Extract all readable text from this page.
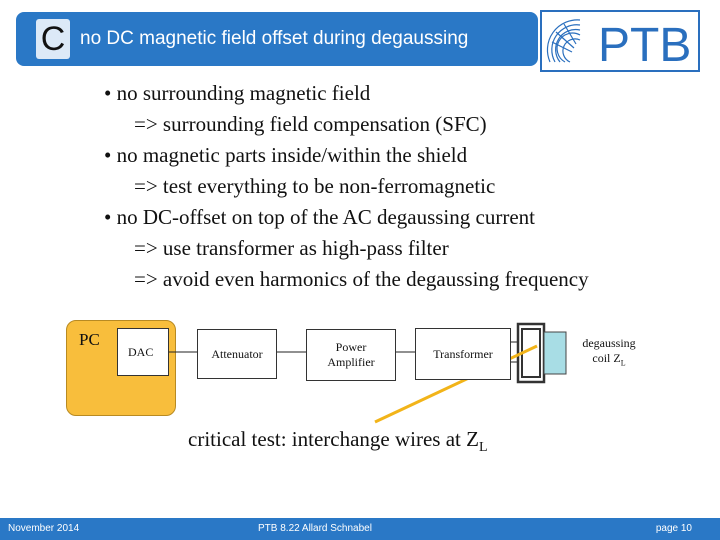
C no DC magnetic field offset during degaussing	PTB
• no surrounding magnetic field
=> surrounding field compensation (SFC)
• no magnetic parts inside/within the shield
=> test everything to be non-ferromagnetic
• no DC-offset on top of the AC degaussing current
=> use transformer as high-pass filter
=> avoid even harmonics of the degaussing frequency
PC
DAC	Attenuator	Power
Amplifier
Transformer
degaussing
coil $Z_L$
critical test: interchange wires at $Z_L$
November 2014	PTB 8.22 Allard Schnabel	page 10
